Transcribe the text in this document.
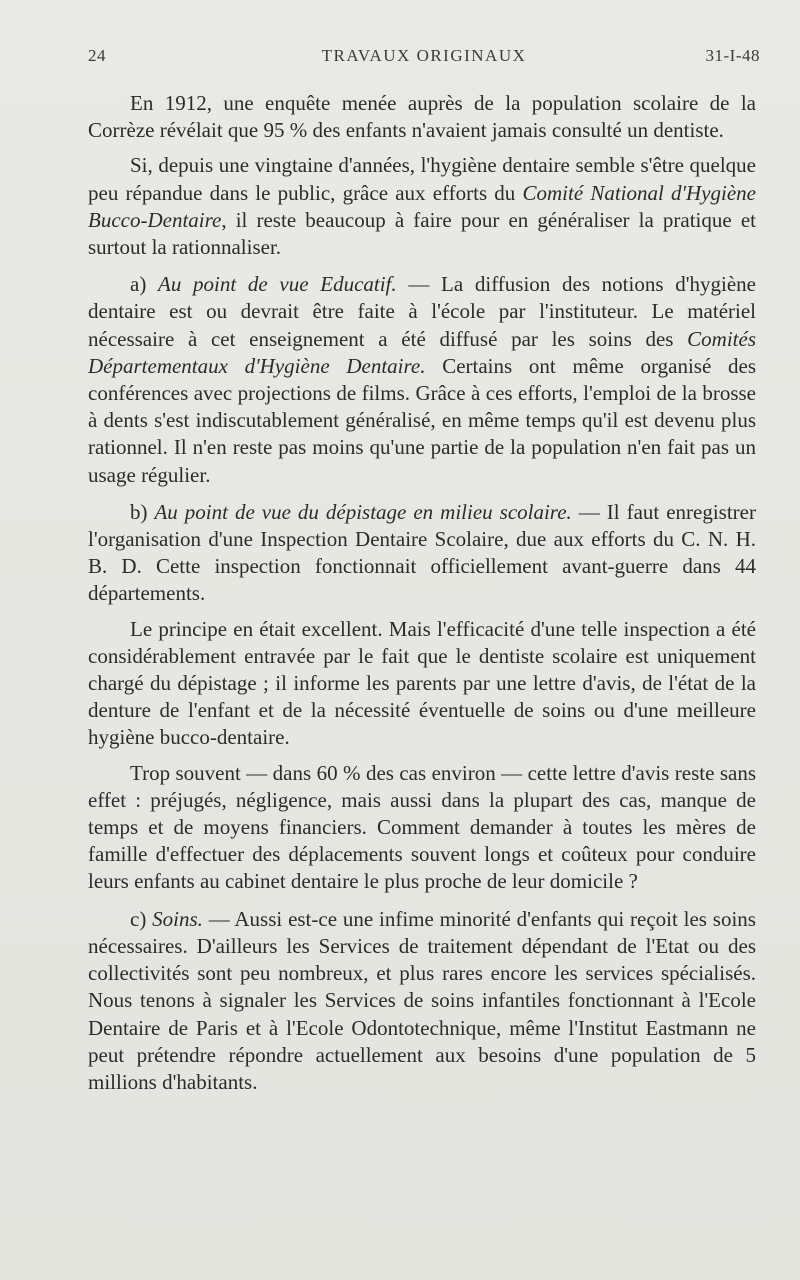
24	TRAVAUX ORIGINAUX	31-I-48

En 1912, une enquête menée auprès de la population scolaire de la Corrèze révélait que 95 % des enfants n'avaient jamais consulté un dentiste.

Si, depuis une vingtaine d'années, l'hygiène dentaire semble s'être quelque peu répandue dans le public, grâce aux efforts du Comité National d'Hygiène Bucco-Dentaire, il reste beaucoup à faire pour en généraliser la pratique et surtout la rationnaliser.

a) Au point de vue Educatif. — La diffusion des notions d'hygiène dentaire est ou devrait être faite à l'école par l'instituteur. Le matériel nécessaire à cet enseignement a été diffusé par les soins des Comités Départementaux d'Hygiène Dentaire. Certains ont même organisé des conférences avec projections de films. Grâce à ces efforts, l'emploi de la brosse à dents s'est indiscutablement généralisé, en même temps qu'il est devenu plus rationnel. Il n'en reste pas moins qu'une partie de la population n'en fait pas un usage régulier.

b) Au point de vue du dépistage en milieu scolaire. — Il faut enregistrer l'organisation d'une Inspection Dentaire Scolaire, due aux efforts du C. N. H. B. D. Cette inspection fonctionnait officiellement avant-guerre dans 44 départements.

Le principe en était excellent. Mais l'efficacité d'une telle inspection a été considérablement entravée par le fait que le dentiste scolaire est uniquement chargé du dépistage ; il informe les parents par une lettre d'avis, de l'état de la denture de l'enfant et de la nécessité éventuelle de soins ou d'une meilleure hygiène bucco-dentaire.

Trop souvent — dans 60 % des cas environ — cette lettre d'avis reste sans effet : préjugés, négligence, mais aussi dans la plupart des cas, manque de temps et de moyens financiers. Comment demander à toutes les mères de famille d'effectuer des déplacements souvent longs et coûteux pour conduire leurs enfants au cabinet dentaire le plus proche de leur domicile ?

c) Soins. — Aussi est-ce une infime minorité d'enfants qui reçoit les soins nécessaires. D'ailleurs les Services de traitement dépendant de l'Etat ou des collectivités sont peu nombreux, et plus rares encore les services spécialisés. Nous tenons à signaler les Services de soins infantiles fonctionnant à l'Ecole Dentaire de Paris et à l'Ecole Odontotechnique, même l'Institut Eastmann ne peut prétendre répondre actuellement aux besoins d'une population de 5 millions d'habitants.
